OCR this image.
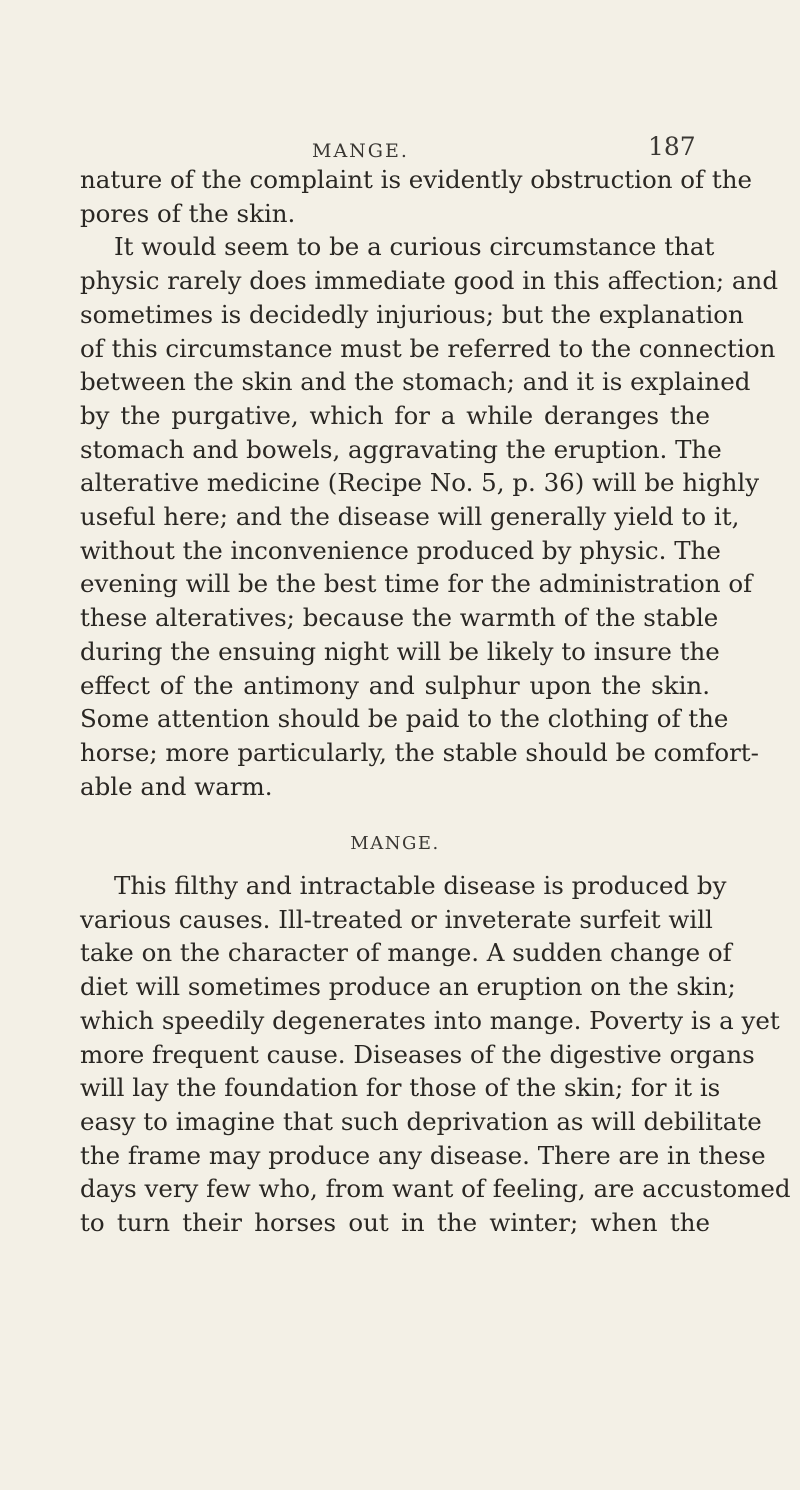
MANGE.	187
nature of the complaint is evidently obstruction of the
pores of the skin.
It would seem to be a curious circumstance that
physic rarely does immediate good in this affection; and
sometimes is decidedly injurious; but the explanation
of this circumstance must be referred to the connection
between the skin and the stomach; and it is explained
by the purgative, which for a while deranges the
stomach and bowels, aggravating the eruption. The
alterative medicine (Recipe No. 5, p. 36) will be highly
useful here; and the disease will generally yield to it,
without the inconvenience produced by physic. The
evening will be the best time for the administration of
these alteratives; because the warmth of the stable
during the ensuing night will be likely to insure the
effect of the antimony and sulphur upon the skin.
Some attention should be paid to the clothing of the
horse; more particularly, the stable should be comfort-
able and warm.
MANGE.
This filthy and intractable disease is produced by
various causes. Ill-treated or inveterate surfeit will
take on the character of mange. A sudden change of
diet will sometimes produce an eruption on the skin;
which speedily degenerates into mange. Poverty is a yet
more frequent cause. Diseases of the digestive organs
will lay the foundation for those of the skin; for it is
easy to imagine that such deprivation as will debilitate
the frame may produce any disease. There are in these
days very few who, from want of feeling, are accustomed
to turn their horses out in the winter; when the
